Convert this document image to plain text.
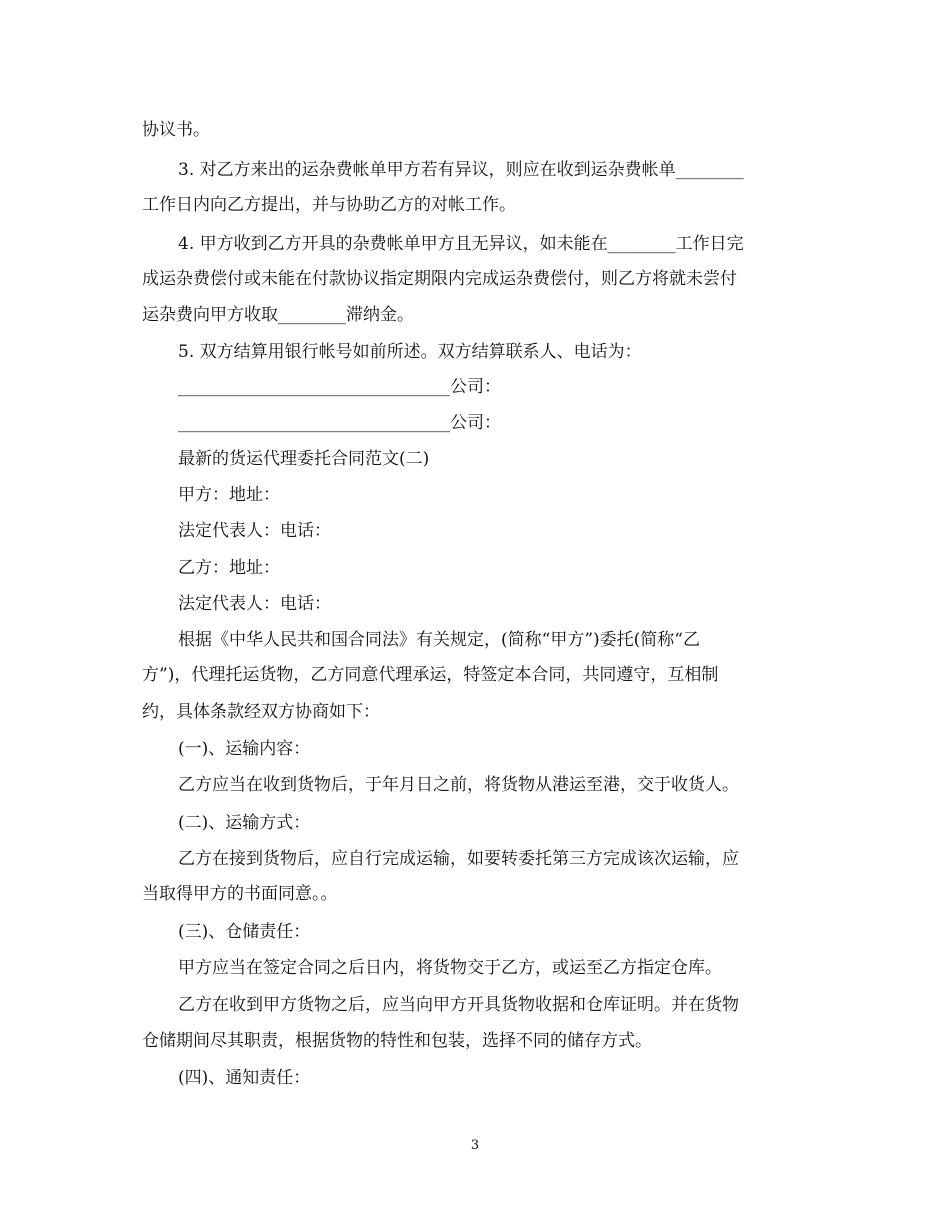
协议书。
3. 对乙方来出的运杂费帐单甲方若有异议，则应在收到运杂费帐单________
工作日内向乙方提出，并与协助乙方的对帐工作。
4. 甲方收到乙方开具的杂费帐单甲方且无异议，如未能在________工作日完
成运杂费偿付或未能在付款协议指定期限内完成运杂费偿付，则乙方将就未尝付
运杂费向甲方收取________滞纳金。
5. 双方结算用银行帐号如前所述。双方结算联系人、电话为：
________________________________公司：
________________________________公司：
最新的货运代理委托合同范文(二)
甲方：地址：
法定代表人：电话：
乙方：地址：
法定代表人：电话：
根据《中华人民共和国合同法》有关规定，(简称“甲方”)委托(简称“乙
方”)，代理托运货物，乙方同意代理承运，特签定本合同，共同遵守，互相制
约，具体条款经双方协商如下：
(一)、运输内容：
乙方应当在收到货物后，于年月日之前，将货物从港运至港，交于收货人。
(二)、运输方式：
乙方在接到货物后，应自行完成运输，如要转委托第三方完成该次运输，应
当取得甲方的书面同意。。
(三)、仓储责任：
甲方应当在签定合同之后日内，将货物交于乙方，或运至乙方指定仓库。
乙方在收到甲方货物之后，应当向甲方开具货物收据和仓库证明。并在货物
仓储期间尽其职责，根据货物的特性和包装，选择不同的储存方式。
(四)、通知责任：
3
